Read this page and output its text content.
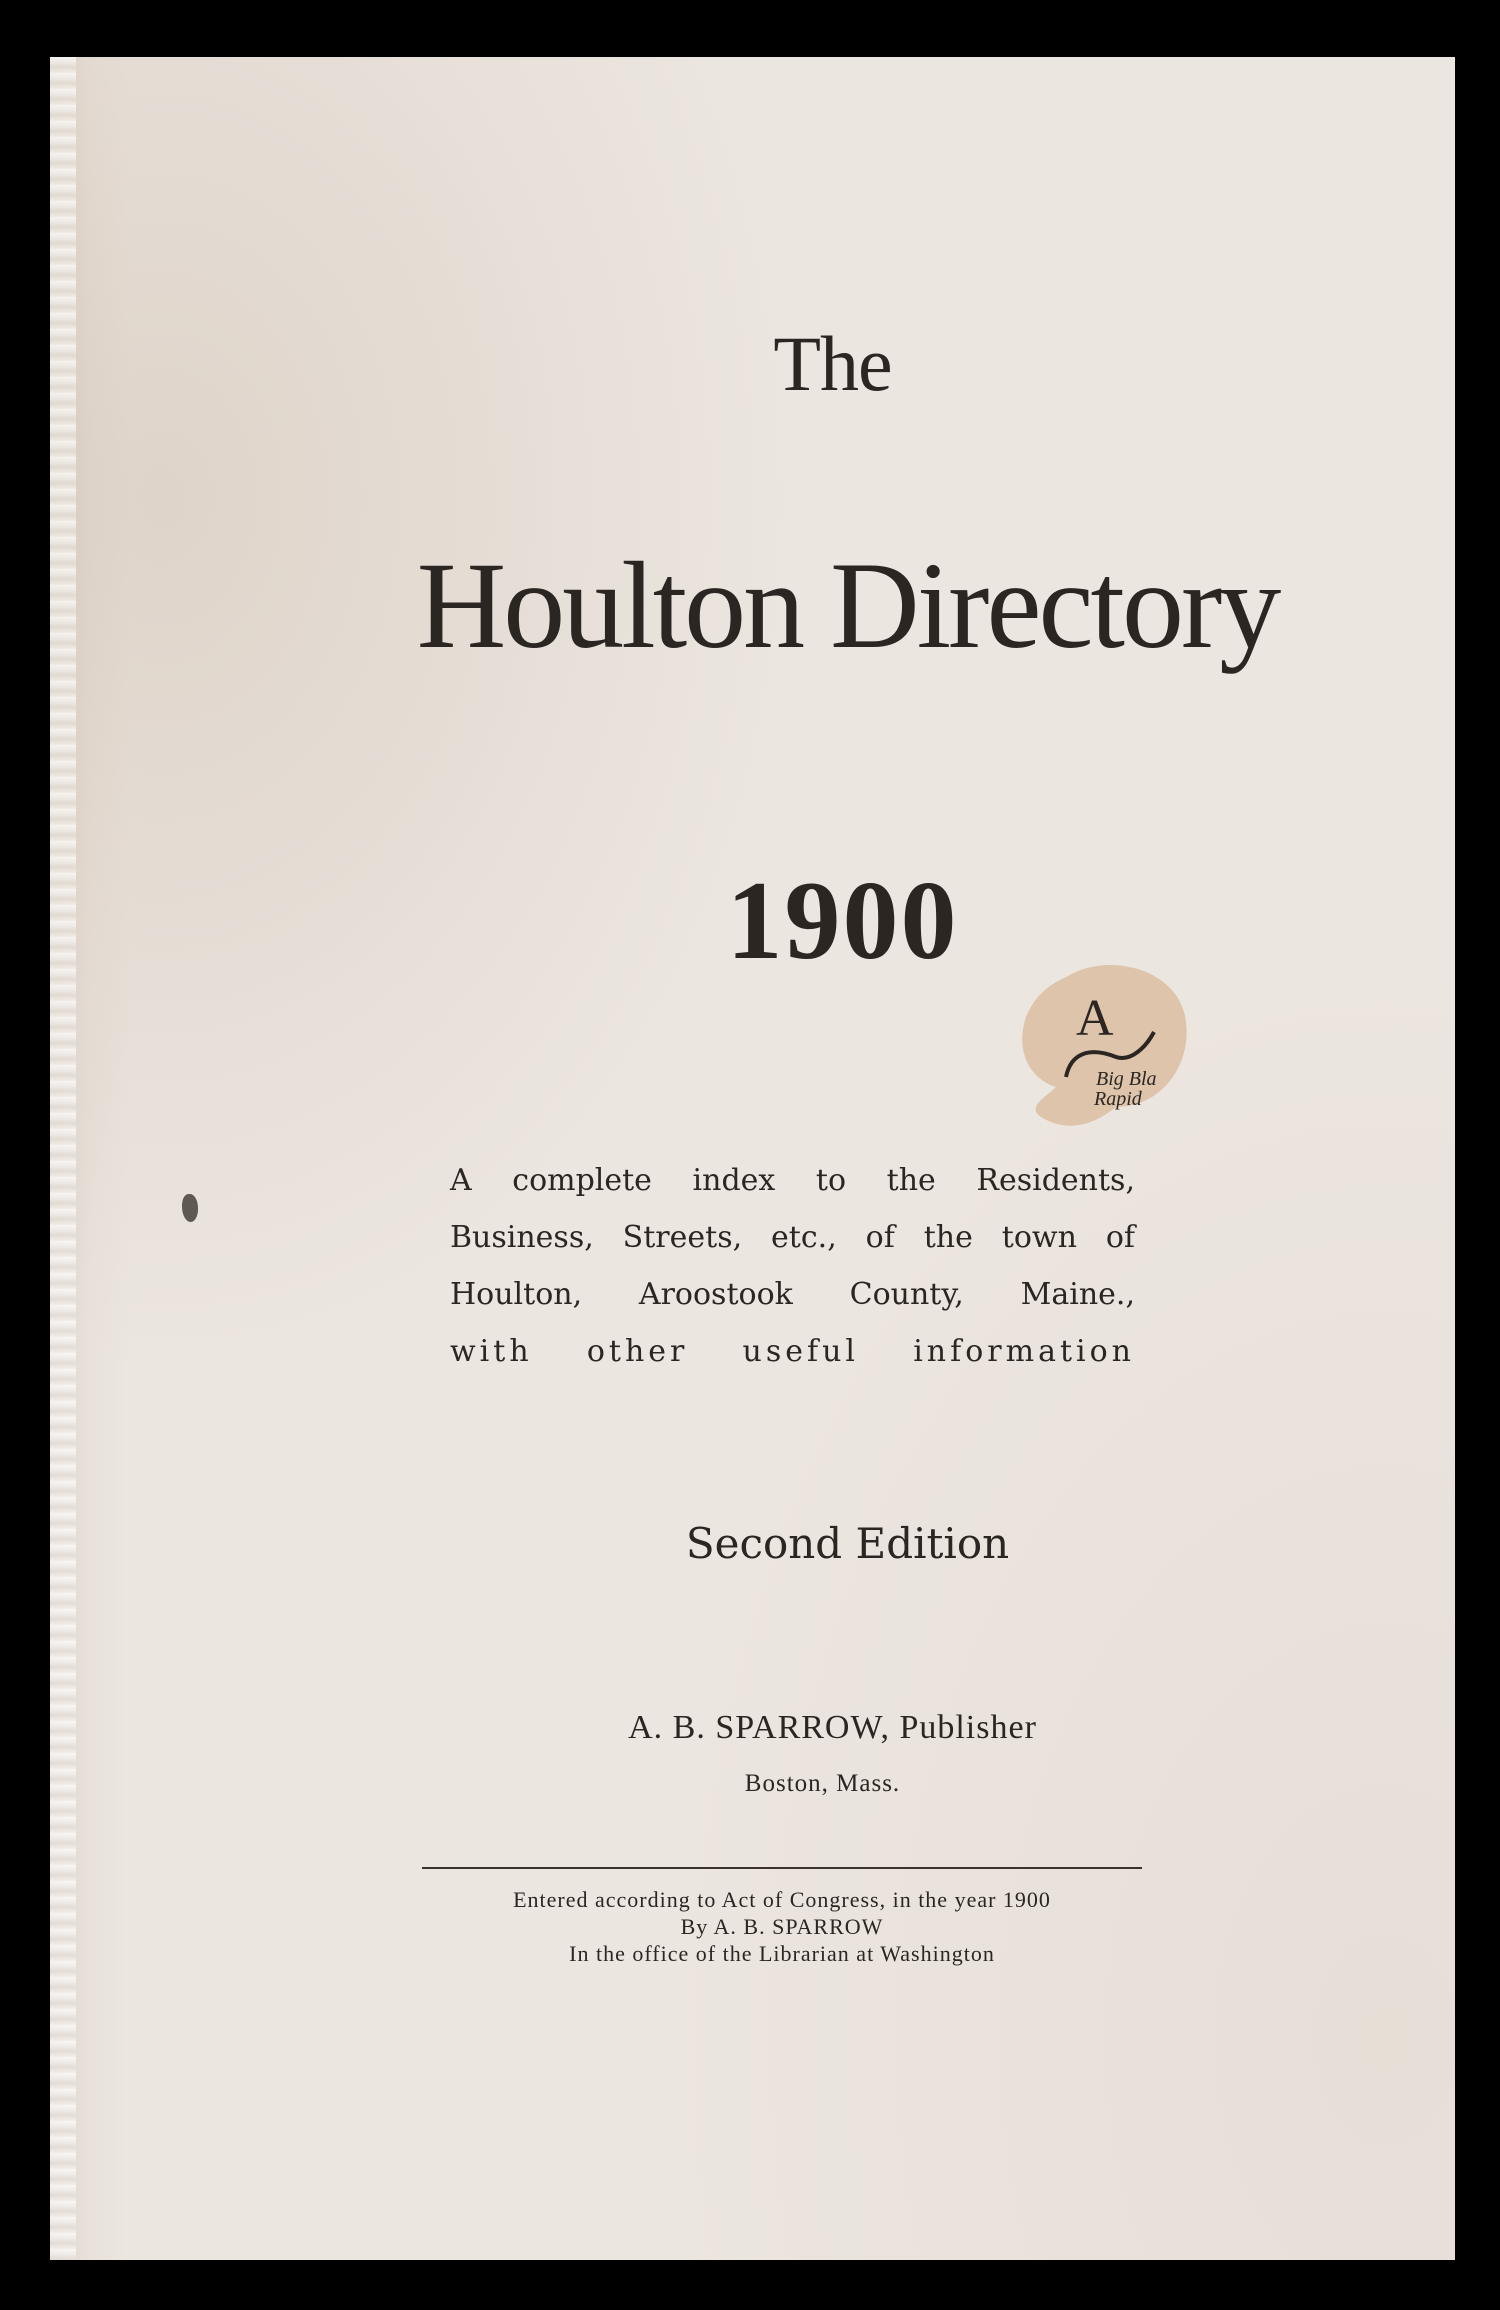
The
Houlton Directory
1900
A
Big Bla
Rapid
A complete index to the Residents,
Business, Streets, etc., of the town of
Houlton, Aroostook County, Maine.,
with other useful information
Second Edition
A. B. SPARROW, Publisher
Boston, Mass.
Entered according to Act of Congress, in the year 1900
By A. B. SPARROW
In the office of the Librarian at Washington
